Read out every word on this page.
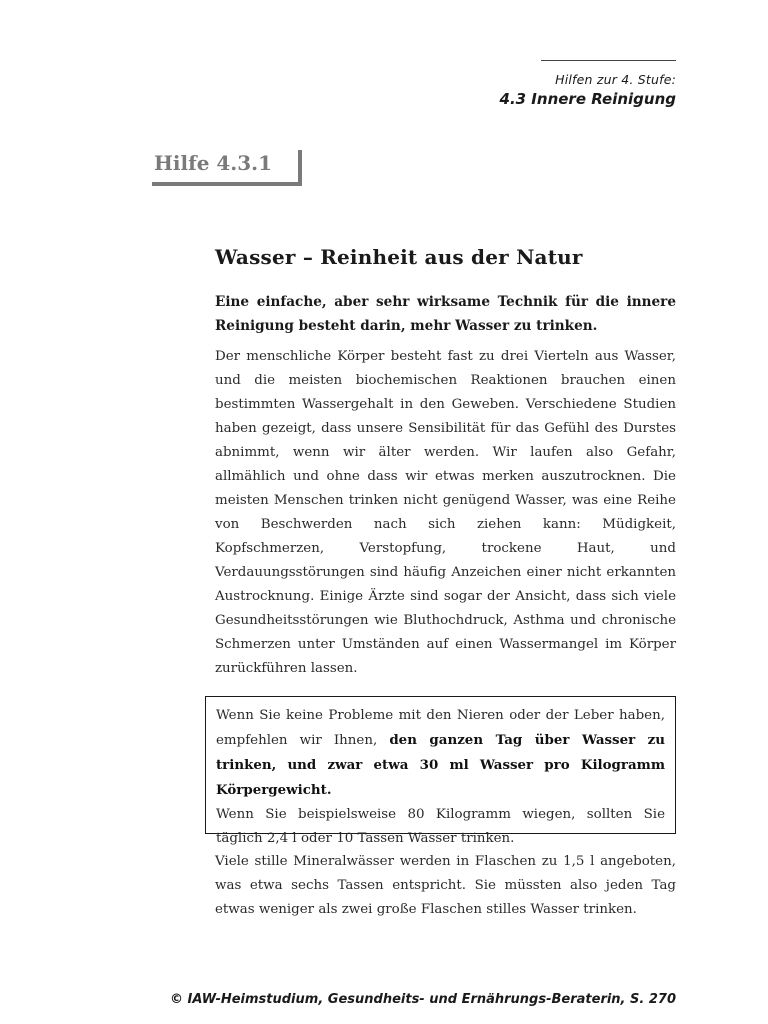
Hilfen zur 4. Stufe:
4.3 Innere Reinigung
Hilfe 4.3.1
Wasser – Reinheit aus der Natur
Eine einfache, aber sehr wirksame Technik für die innere Reinigung besteht darin, mehr Wasser zu trinken.
Der menschliche Körper besteht fast zu drei Vierteln aus Wasser, und die meisten biochemischen Reaktionen brauchen einen bestimmten Wassergehalt in den Geweben. Verschiedene Studien haben gezeigt, dass unsere Sensibilität für das Gefühl des Durstes abnimmt, wenn wir älter werden. Wir laufen also Gefahr, allmählich und ohne dass wir etwas merken auszutrocknen. Die meisten Menschen trinken nicht genügend Wasser, was eine Reihe von Beschwerden nach sich ziehen kann: Müdigkeit, Kopfschmerzen, Verstopfung, trockene Haut, und Verdauungsstörungen sind häufig Anzeichen einer nicht erkannten Austrocknung. Einige Ärzte sind sogar der Ansicht, dass sich viele Gesundheitsstörungen wie Bluthochdruck, Asthma und chronische Schmerzen unter Umständen auf einen Wassermangel im Körper zurückführen lassen.
Wenn Sie keine Probleme mit den Nieren oder der Leber haben, empfehlen wir Ihnen, den ganzen Tag über Wasser zu trinken, und zwar etwa 30 ml Wasser pro Kilogramm Körpergewicht.
Wenn Sie beispielsweise 80 Kilogramm wiegen, sollten Sie täglich 2,4 l oder 10 Tassen Wasser trinken.
Viele stille Mineralwässer werden in Flaschen zu 1,5 l angeboten, was etwa sechs Tassen entspricht. Sie müssten also jeden Tag etwas weniger als zwei große Flaschen stilles Wasser trinken.
© IAW-Heimstudium, Gesundheits- und Ernährungs-Beraterin, S. 270
